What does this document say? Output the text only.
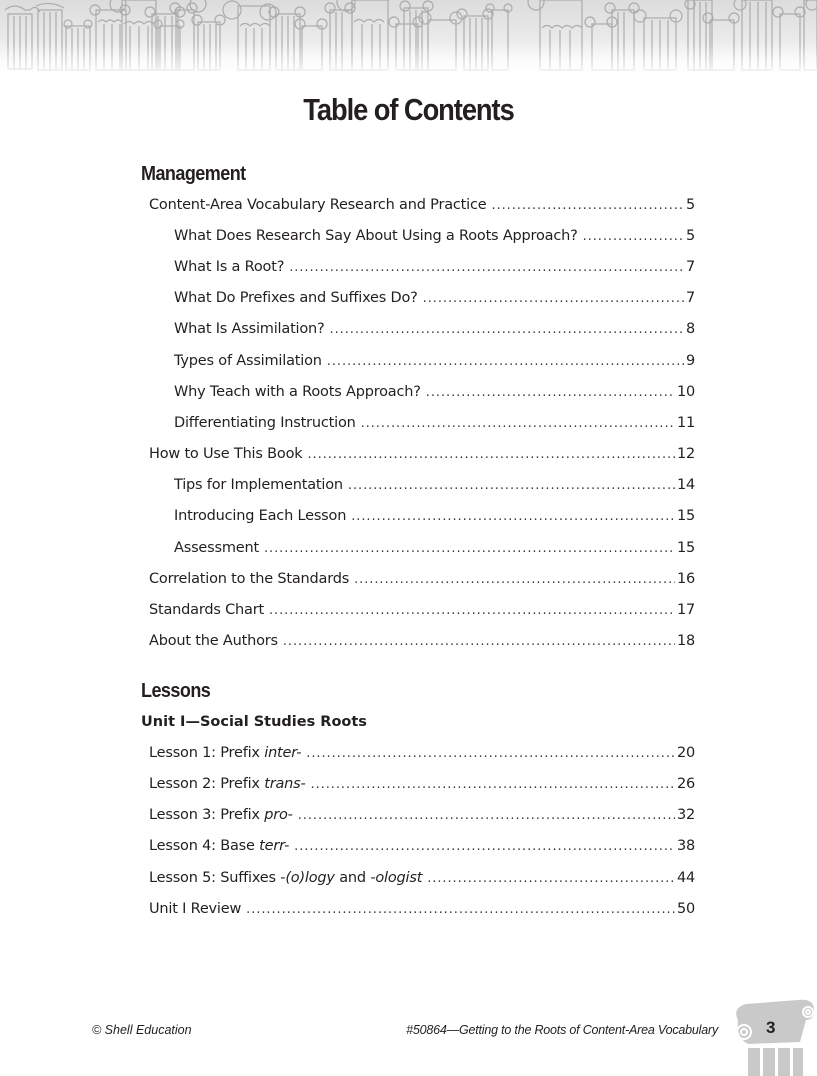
Table of Contents
Management
Content-Area Vocabulary Research and Practice . . .	5
What Does Research Say About Using a Roots Approach? . . .	5
What Is a Root? . . .	7
What Do Prefixes and Suffixes Do? . . .	7
What Is Assimilation? . . .	8
Types of Assimilation . . .	9
Why Teach with a Roots Approach? . . .	10
Differentiating Instruction . . .	11
How to Use This Book . . .	12
Tips for Implementation . . .	14
Introducing Each Lesson . . .	15
Assessment . . .	15
Correlation to the Standards . . .	16
Standards Chart . . .	17
About the Authors . . .	18
Lessons
Unit I—Social Studies Roots
Lesson 1: Prefix inter- . . .	20
Lesson 2: Prefix trans- . . .	26
Lesson 3: Prefix pro- . . .	32
Lesson 4: Base terr- . . .	38
Lesson 5: Suffixes -(o)logy and -ologist . . .	44
Unit I Review . . .	50
© Shell Education	#50864—Getting to the Roots of Content-Area Vocabulary	3
